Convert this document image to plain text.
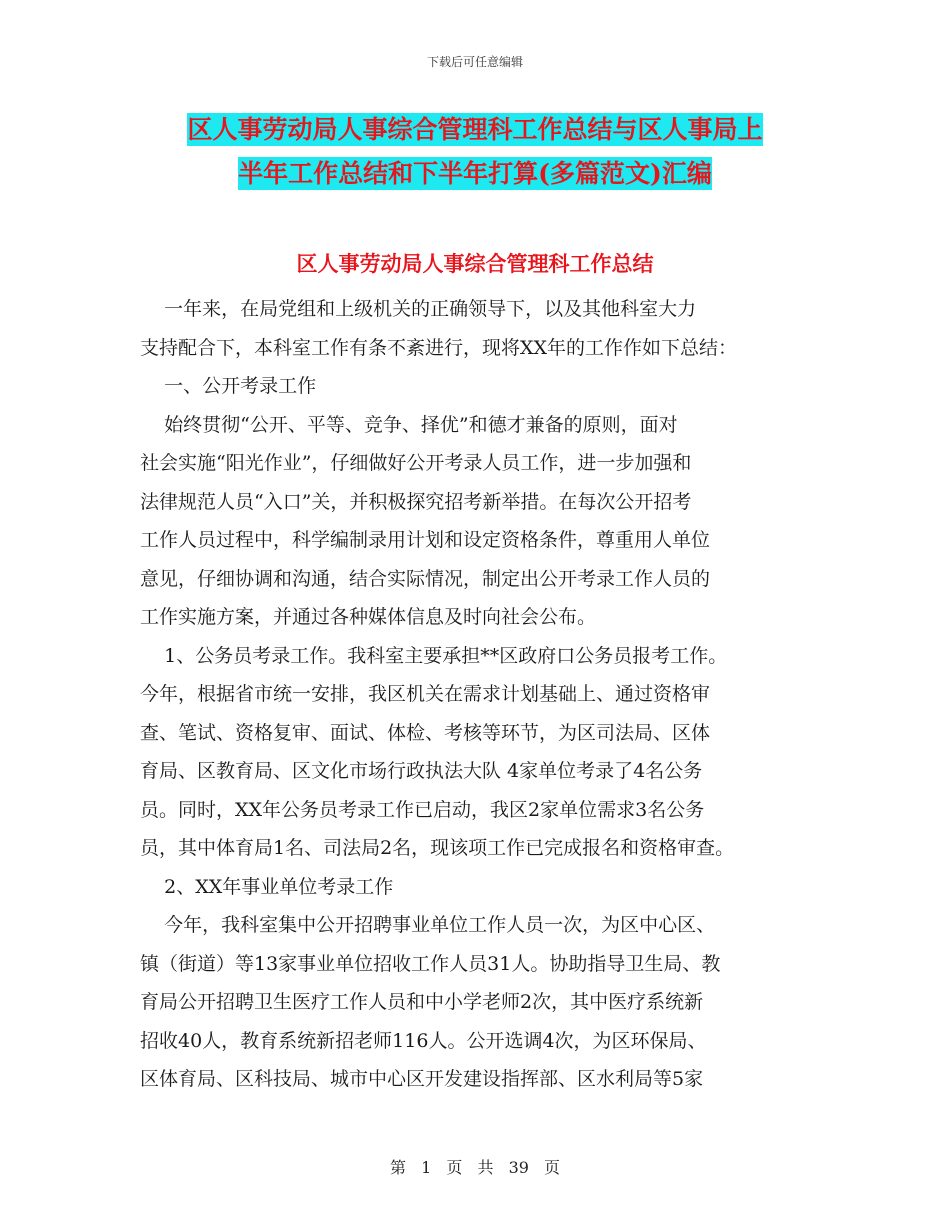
下载后可任意编辑
区人事劳动局人事综合管理科工作总结与区人事局上
半年工作总结和下半年打算(多篇范文)汇编
区人事劳动局人事综合管理科工作总结

一年来，在局党组和上级机关的正确领导下，以及其他科室大力

支持配合下，本科室工作有条不紊进行，现将XX年的工作作如下总结：

一、公开考录工作

始终贯彻“公开、平等、竞争、择优”和德才兼备的原则，面对

社会实施“阳光作业”，仔细做好公开考录人员工作，进一步加强和

法律规范人员“入口”关，并积极探究招考新举措。在每次公开招考

工作人员过程中，科学编制录用计划和设定资格条件，尊重用人单位

意见，仔细协调和沟通，结合实际情况，制定出公开考录工作人员的

工作实施方案，并通过各种媒体信息及时向社会公布。

1、公务员考录工作。我科室主要承担**区政府口公务员报考工作。

今年，根据省市统一安排，我区机关在需求计划基础上、通过资格审

查、笔试、资格复审、面试、体检、考核等环节，为区司法局、区体

育局、区教育局、区文化市场行政执法大队 4家单位考录了4名公务

员。同时，XX年公务员考录工作已启动，我区2家单位需求3名公务

员，其中体育局1名、司法局2名，现该项工作已完成报名和资格审查。

2、XX年事业单位考录工作

今年，我科室集中公开招聘事业单位工作人员一次，为区中心区、

镇（街道）等13家事业单位招收工作人员31人。协助指导卫生局、教

育局公开招聘卫生医疗工作人员和中小学老师2次，其中医疗系统新

招收40人，教育系统新招老师116人。公开选调4次，为区环保局、

区体育局、区科技局、城市中心区开发建设指挥部、区水利局等5家

第 1 页 共 39 页
